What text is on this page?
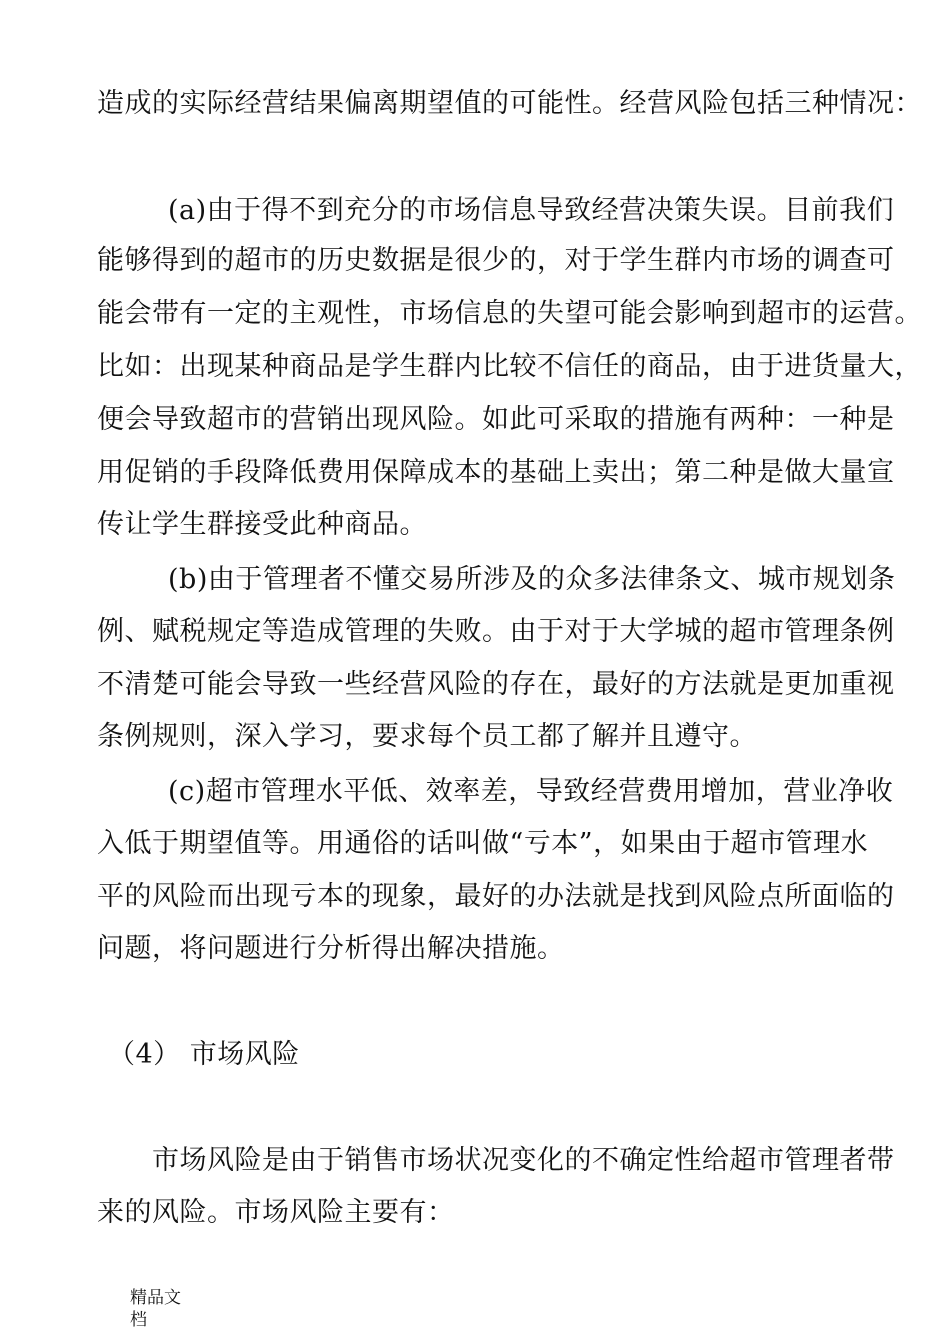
造成的实际经营结果偏离期望值的可能性。经营风险包括三种情况：
(a)由于得不到充分的市场信息导致经营决策失误。目前我们
能够得到的超市的历史数据是很少的，对于学生群内市场的调查可
能会带有一定的主观性，市场信息的失望可能会影响到超市的运营。
比如：出现某种商品是学生群内比较不信任的商品，由于进货量大，
便会导致超市的营销出现风险。如此可采取的措施有两种：一种是
用促销的手段降低费用保障成本的基础上卖出；第二种是做大量宣
传让学生群接受此种商品。
(b)由于管理者不懂交易所涉及的众多法律条文、城市规划条
例、赋税规定等造成管理的失败。由于对于大学城的超市管理条例
不清楚可能会导致一些经营风险的存在，最好的方法就是更加重视
条例规则，深入学习，要求每个员工都了解并且遵守。
(c)超市管理水平低、效率差，导致经营费用增加，营业净收
入低于期望值等。用通俗的话叫做“亏本”，如果由于超市管理水
平的风险而出现亏本的现象，最好的办法就是找到风险点所面临的
问题，将问题进行分析得出解决措施。
（4） 市场风险
市场风险是由于销售市场状况变化的不确定性给超市管理者带
来的风险。市场风险主要有：
精品文
档
